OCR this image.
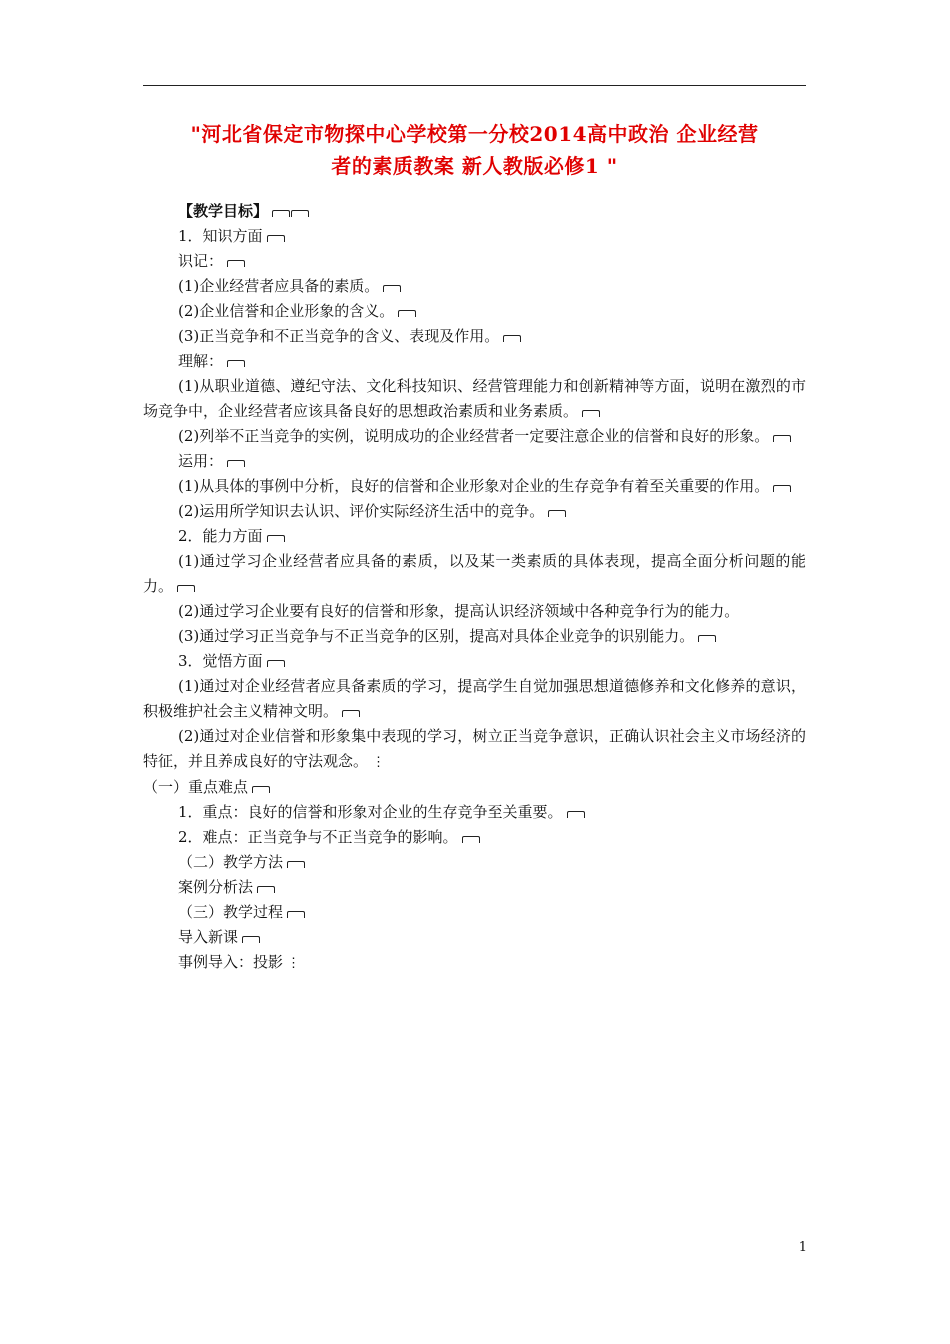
"河北省保定市物探中心学校第一分校2014高中政治 企业经营
者的素质教案 新人教版必修1 "

【教学目标】

1．知识方面

识记：

(1)企业经营者应具备的素质。

(2)企业信誉和企业形象的含义。

(3)正当竞争和不正当竞争的含义、表现及作用。

理解：

(1)从职业道德、遵纪守法、文化科技知识、经营管理能力和创新精神等方面，说明在激烈的市场竞争中，企业经营者应该具备良好的思想政治素质和业务素质。

(2)列举不正当竞争的实例，说明成功的企业经营者一定要注意企业的信誉和良好的形象。

运用：

(1)从具体的事例中分析，良好的信誉和企业形象对企业的生存竞争有着至关重要的作用。

(2)运用所学知识去认识、评价实际经济生活中的竞争。

2．能力方面

(1)通过学习企业经营者应具备的素质，以及某一类素质的具体表现，提高全面分析问题的能力。

(2)通过学习企业要有良好的信誉和形象，提高认识经济领域中各种竞争行为的能力。

(3)通过学习正当竞争与不正当竞争的区别，提高对具体企业竞争的识别能力。

3．觉悟方面

(1)通过对企业经营者应具备素质的学习，提高学生自觉加强思想道德修养和文化修养的意识，积极维护社会主义精神文明。

(2)通过对企业信誉和形象集中表现的学习，树立正当竞争意识，正确认识社会主义市场经济的特征，并且养成良好的守法观念。 ⋮

（一）重点难点

1．重点：良好的信誉和形象对企业的生存竞争至关重要。

2．难点：正当竞争与不正当竞争的影响。

（二）教学方法

案例分析法

（三）教学过程

导入新课

事例导入：投影 ⋮

1
